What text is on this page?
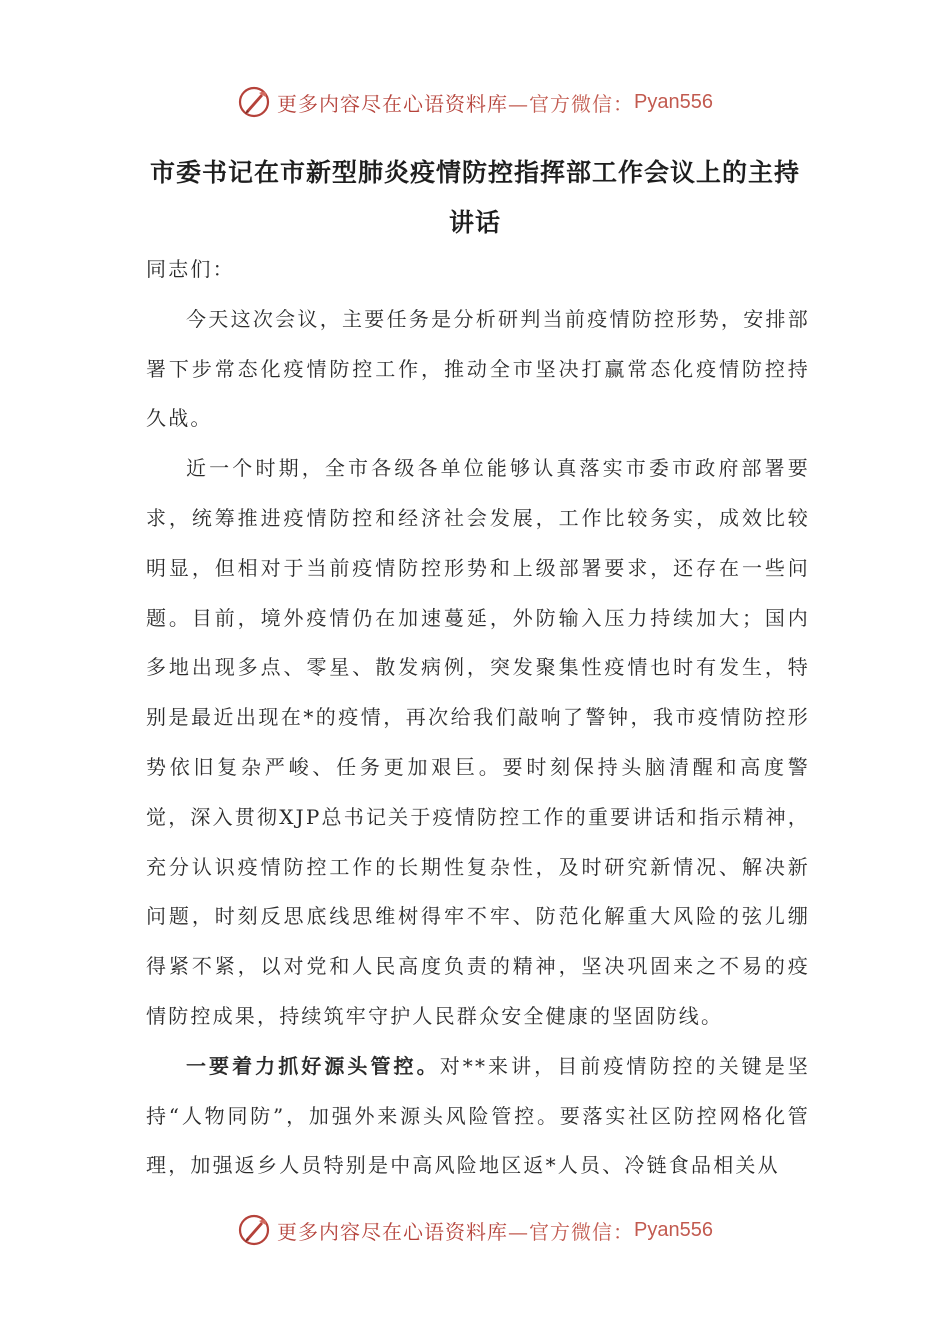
更多内容尽在心语资料库 —官方微信： Pyan556
市委书记在市新型肺炎疫情防控指挥部工作会议上的主持讲话

同志们：

今天这次会议，主要任务是分析研判当前疫情防控形势，安排部署下步常态化疫情防控工作，推动全市坚决打赢常态化疫情防控持久战。

近一个时期，全市各级各单位能够认真落实市委市政府部署要求，统筹推进疫情防控和经济社会发展，工作比较务实，成效比较明显，但相对于当前疫情防控形势和上级部署要求，还存在一些问题。目前，境外疫情仍在加速蔓延，外防输入压力持续加大；国内多地出现多点、零星、散发病例，突发聚集性疫情也时有发生，特别是最近出现在*的疫情，再次给我们敲响了警钟，我市疫情防控形势依旧复杂严峻、任务更加艰巨。要时刻保持头脑清醒和高度警觉，深入贯彻XJP总书记关于疫情防控工作的重要讲话和指示精神，充分认识疫情防控工作的长期性复杂性，及时研究新情况、解决新问题，时刻反思底线思维树得牢不牢、防范化解重大风险的弦儿绷得紧不紧，以对党和人民高度负责的精神，坚决巩固来之不易的疫情防控成果，持续筑牢守护人民群众安全健康的坚固防线。

一要着力抓好源头管控。对**来讲，目前疫情防控的关键是坚持“人物同防”，加强外来源头风险管控。要落实社区防控网格化管理，加强返乡人员特别是中高风险地区返*人员、冷链食品相关从

更多内容尽在心语资料库 —官方微信： Pyan556
